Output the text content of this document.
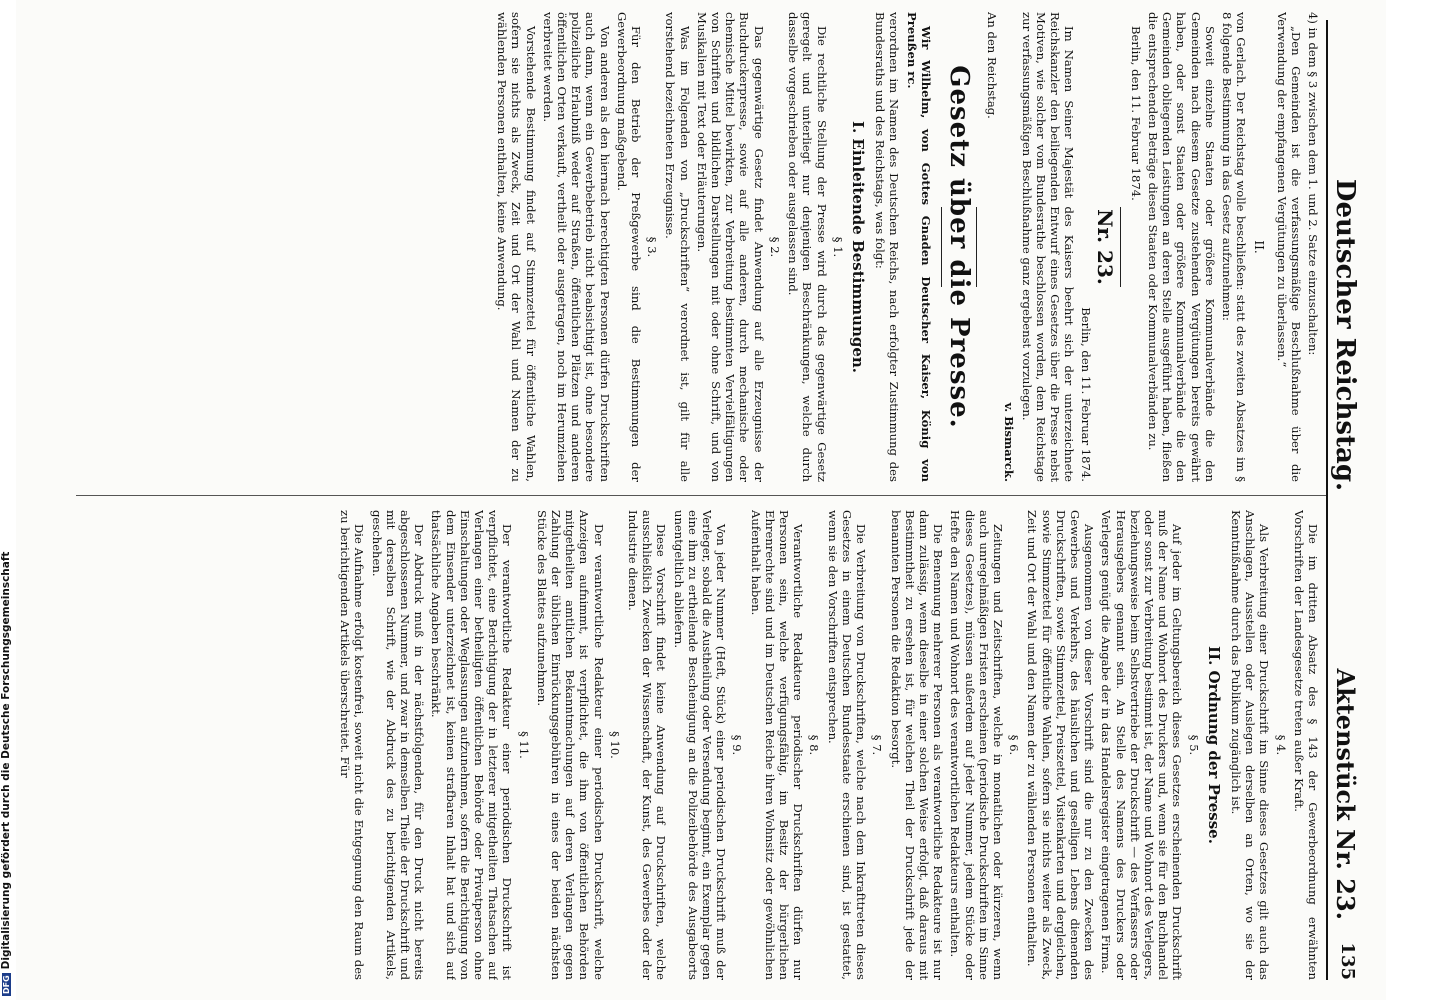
Deutscher Reichstag.
Aktenstück Nr. 23.
135

4) in dem § 3 zwischen dem 1. und 2. Satze einzuschalten:

„Den Gemeinden ist die verfassungsmäßige Beschlußnahme über die Verwendung der empfangenen Vergütungen zu überlassen.“

II.

von Gerlach. Der Reichstag wolle beschließen: statt des zweiten Absatzes im § 8 folgende Bestimmung in das Gesetz aufzunehmen:

Soweit einzelne Staaten oder größere Kommunalverbände die den Gemeinden nach diesem Gesetze zustehenden Vergütungen bereits gewährt haben, oder sonst Staaten oder größere Kommunalverbände die den Gemeinden obliegenden Leistungen an deren Stelle ausgeführt haben, fließen die entsprechenden Beträge diesen Staaten oder Kommunalverbänden zu.

Berlin, den 11. Februar 1874.

Nr. 23.

Berlin, den 11. Februar 1874.

Im Namen Seiner Majestät des Kaisers beehrt sich der unterzeichnete Reichskanzler den beiliegenden Entwurf eines Gesetzes über die Presse nebst Motiven, wie solcher vom Bundesrathe beschlossen worden, dem Reichstage zur verfassungsmäßigen Beschlußnahme ganz ergebenst vorzulegen.

v. Bismarck.

An den Reichstag.

Gesetz über die Presse.

Wir Wilhelm, von Gottes Gnaden Deutscher Kaiser, König von Preußen rc.

verordnen im Namen des Deutschen Reichs, nach erfolgter Zustimmung des Bundesraths und des Reichstags, was folgt:

I. Einleitende Bestimmungen.
§ 1.

Die rechtliche Stellung der Presse wird durch das gegenwärtige Gesetz geregelt und unterliegt nur denjenigen Beschränkungen, welche durch dasselbe vorgeschrieben oder ausgelassen sind.

§ 2.

Das gegenwärtige Gesetz findet Anwendung auf alle Erzeugnisse der Buchdruckerpresse, sowie auf alle anderen, durch mechanische oder chemische Mittel bewirkten, zur Verbreitung bestimmten Vervielfältigungen von Schriften und bildlichen Darstellungen mit oder ohne Schrift, und von Musikalien mit Text oder Erläuterungen.

Was im Folgenden von „Druckschriften“ verordnet ist, gilt für alle vorstehend bezeichneten Erzeugnisse.

§ 3.

Für den Betrieb der Preßgewerbe sind die Bestimmungen der Gewerbeordnung maßgebend.

Von anderen als den hiernach berechtigten Personen dürfen Druckschriften auch dann, wenn ein Gewerbebetrieb nicht beabsichtigt ist, ohne besondere polizeiliche Erlaubniß weder auf Straßen, öffentlichen Plätzen und anderen öffentlichen Orten verkauft, vertheilt oder ausgetragen, noch im Herumziehen verbreitet werden.

Vorstehende Bestimmung findet auf Stimmzettel für öffentliche Wahlen, sofern sie nichts als Zweck, Zeit und Ort der Wahl und Namen der zu wählenden Personen enthalten, keine Anwendung.

Die im dritten Absatz des § 143 der Gewerbeordnung erwähnten Vorschriften der Landesgesetze treten außer Kraft.

§ 4.

Als Verbreitung einer Druckschrift im Sinne dieses Gesetzes gilt auch das Anschlagen, Ausstellen oder Auslegen derselben an Orten, wo sie der Kenntnißnahme durch das Publikum zugänglich ist.

II. Ordnung der Presse.
§ 5.

Auf jeder im Geltungsbereich dieses Gesetzes erscheinenden Druckschrift muß der Name und Wohnort des Druckers und, wenn sie für den Buchhandel oder sonst zur Verbreitung bestimmt ist, der Name und Wohnort des Verlegers, beziehungsweise beim Selbstvertriebe der Druckschrift — des Verfassers oder Herausgebers genannt sein. An Stelle des Namens des Druckers oder Verlegers genügt die Angabe der in das Handelsregister eingetragenen Firma.

Ausgenommen von dieser Vorschrift sind die nur zu den Zwecken des Gewerbes und Verkehrs, des häuslichen und geselligen Lebens dienenden Druckschriften, sowie Stimmzettel, Preiszettel, Visitenkarten und dergleichen, sowie Stimmzettel für öffentliche Wahlen, sofern sie nichts weiter als Zweck, Zeit und Ort der Wahl und den Namen der zu wählenden Personen enthalten.

§ 6.

Zeitungen und Zeitschriften, welche in monatlichen oder kürzeren, wenn auch unregelmäßigen Fristen erscheinen (periodische Druckschriften im Sinne dieses Gesetzes), müssen außerdem auf jeder Nummer, jedem Stücke oder Hefte den Namen und Wohnort des verantwortlichen Redakteurs enthalten.

Die Benennung mehrerer Personen als verantwortliche Redakteure ist nur dann zulässig, wenn dieselbe in einer solchen Weise erfolgt, daß daraus mit Bestimmtheit zu ersehen ist, für welchen Theil der Druckschrift jede der benannten Personen die Redaktion besorgt.

§ 7.

Die Verbreitung von Druckschriften, welche nach dem Inkrafttreten dieses Gesetzes in einem Deutschen Bundesstaate erschienen sind, ist gestattet, wenn sie den Vorschriften entsprechen.

§ 8.

Verantwortliche Redakteure periodischer Druckschriften dürfen nur Personen sein, welche verfügungsfähig, im Besitz der bürgerlichen Ehrenrechte sind und im Deutschen Reiche ihren Wohnsitz oder gewöhnlichen Aufenthalt haben.

§ 9.

Von jeder Nummer (Heft, Stück) einer periodischen Druckschrift muß der Verleger, sobald die Austheilung oder Versendung beginnt, ein Exemplar gegen eine ihm zu ertheilende Bescheinigung an die Polizeibehörde des Ausgabeorts unentgeltlich abliefern.

Diese Vorschrift findet keine Anwendung auf Druckschriften, welche ausschließlich Zwecken der Wissenschaft, der Kunst, des Gewerbes oder der Industrie dienen.

§ 10.

Der verantwortliche Redakteur einer periodischen Druckschrift, welche Anzeigen aufnimmt, ist verpflichtet, die ihm von öffentlichen Behörden mitgetheilten amtlichen Bekanntmachungen auf deren Verlangen gegen Zahlung der üblichen Einrückungsgebühren in eines der beiden nächsten Stücke des Blattes aufzunehmen.

§ 11.

Der verantwortliche Redakteur einer periodischen Druckschrift ist verpflichtet, eine Berichtigung der in letzterer mitgetheilten Thatsachen auf Verlangen einer betheiligten öffentlichen Behörde oder Privatperson ohne Einschaltungen oder Weglassungen aufzunehmen, sofern die Berichtigung von dem Einsender unterzeichnet ist, keinen strafbaren Inhalt hat und sich auf thatsächliche Angaben beschränkt.

Der Abdruck muß in der nächstfolgenden, für den Druck nicht bereits abgeschlossenen Nummer, und zwar in demselben Theile der Druckschrift und mit derselben Schrift, wie der Abdruck des zu berichtigenden Artikels, geschehen.

Die Aufnahme erfolgt kostenfrei, soweit nicht die Entgegnung den Raum des zu berichtigenden Artikels überschreitet. Für

DFGDigitalisierung gefördert durch die Deutsche Forschungsgemeinschaft
